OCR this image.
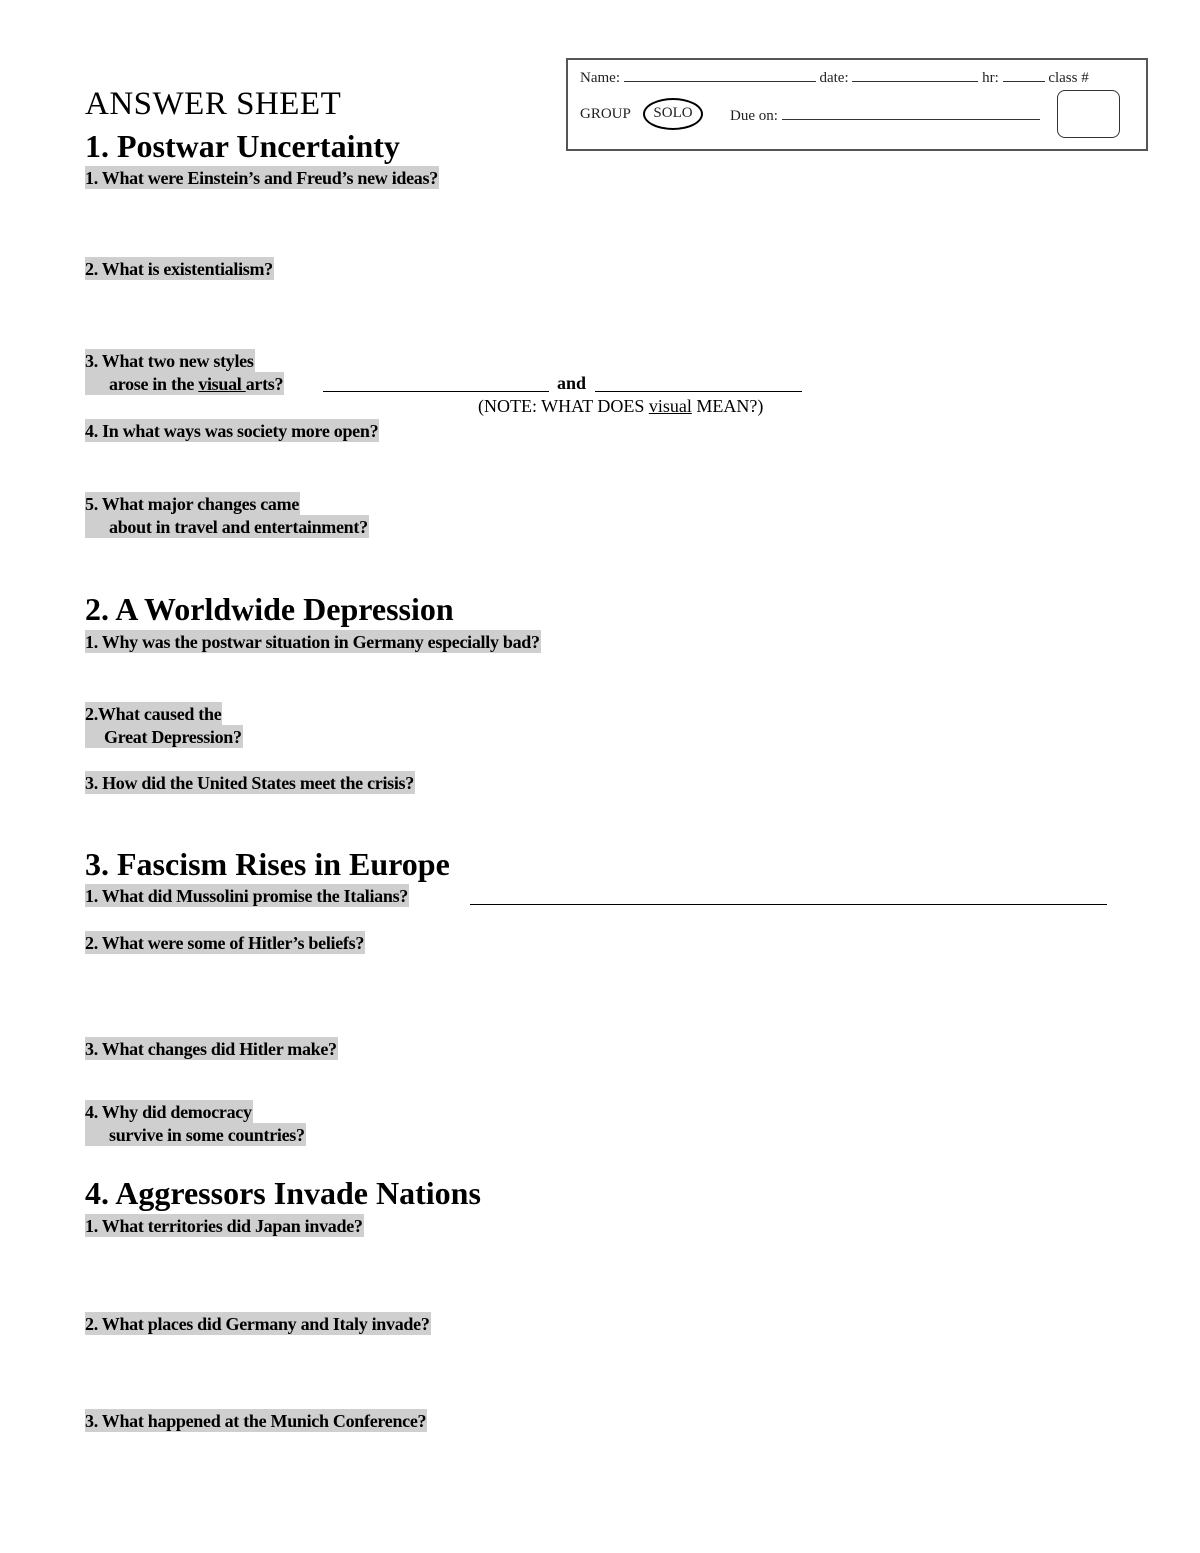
Name:	date:	hr:	class #
GROUP	SOLO	Due on:
ANSWER SHEET
1. Postwar Uncertainty
1. What were Einstein’s and Freud’s new ideas?
2. What is existentialism?
3. What two new styles
arose in the visual arts?	and
(NOTE: WHAT DOES visual MEAN?)
4. In what ways was society more open?
5. What major changes came
about in travel and entertainment?
2. A Worldwide Depression
1. Why was the postwar situation in Germany especially bad?
2.What caused the
Great Depression?
3. How did the United States meet the crisis?
3. Fascism Rises in Europe
1. What did Mussolini promise the Italians?
2. What were some of Hitler’s beliefs?
3. What changes did Hitler make?
4. Why did democracy
survive in some countries?
4. Aggressors Invade Nations
1. What territories did Japan invade?
2. What places did Germany and Italy invade?
3. What happened at the Munich Conference?
